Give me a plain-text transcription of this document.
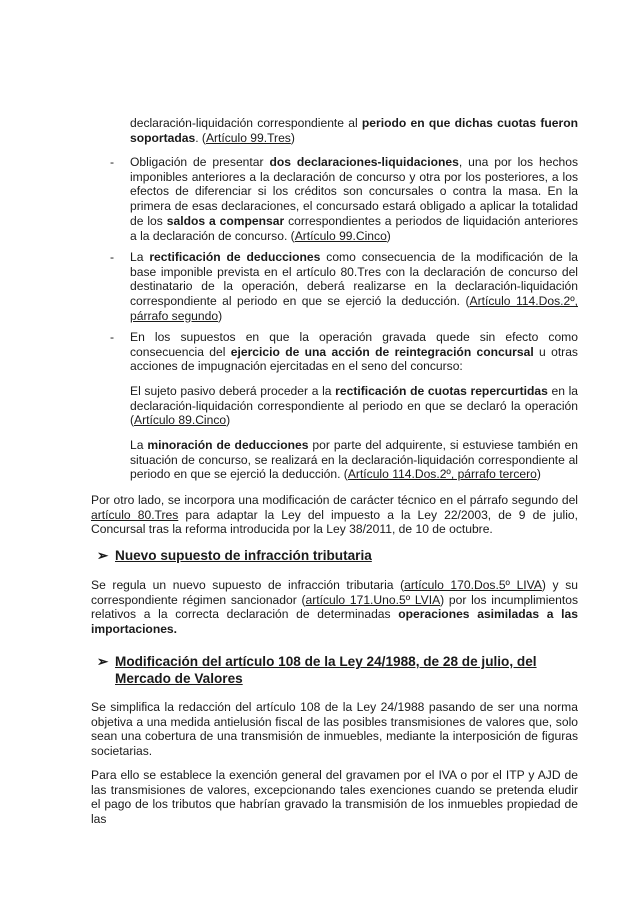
declaración-liquidación correspondiente al periodo en que dichas cuotas fueron soportadas. (Artículo 99.Tres)

-	Obligación de presentar dos declaraciones-liquidaciones, una por los hechos imponibles anteriores a la declaración de concurso y otra por los posteriores, a los efectos de diferenciar si los créditos son concursales o contra la masa. En la primera de esas declaraciones, el concursado estará obligado a aplicar la totalidad de los saldos a compensar correspondientes a periodos de liquidación anteriores a la declaración de concurso. (Artículo 99.Cinco)

-	La rectificación de deducciones como consecuencia de la modificación de la base imponible prevista en el artículo 80.Tres con la declaración de concurso del destinatario de la operación, deberá realizarse en la declaración-liquidación correspondiente al periodo en que se ejerció la deducción. (Artículo 114.Dos.2º, párrafo segundo)

-	En los supuestos en que la operación gravada quede sin efecto como consecuencia del ejercicio de una acción de reintegración concursal u otras acciones de impugnación ejercitadas en el seno del concurso:

El sujeto pasivo deberá proceder a la rectificación de cuotas repercurtidas en la declaración-liquidación correspondiente al periodo en que se declaró la operación (Artículo 89.Cinco)

La minoración de deducciones por parte del adquirente, si estuviese también en situación de concurso, se realizará en la declaración-liquidación correspondiente al periodo en que se ejerció la deducción. (Artículo 114.Dos.2º, párrafo tercero)

Por otro lado, se incorpora una modificación de carácter técnico en el párrafo segundo del artículo 80.Tres para adaptar la Ley del impuesto a la Ley 22/2003, de 9 de julio, Concursal tras la reforma introducida por la Ley 38/2011, de 10 de octubre.

➢ Nuevo supuesto de infracción tributaria

Se regula un nuevo supuesto de infracción tributaria (artículo 170.Dos.5º LIVA) y su correspondiente régimen sancionador (artículo 171.Uno.5º LVIA) por los incumplimientos relativos a la correcta declaración de determinadas operaciones asimiladas a las importaciones.

➢ Modificación del artículo 108 de la Ley 24/1988, de 28 de julio, del Mercado de Valores

Se simplifica la redacción del artículo 108 de la Ley 24/1988 pasando de ser una norma objetiva a una medida antielusión fiscal de las posibles transmisiones de valores que, solo sean una cobertura de una transmisión de inmuebles, mediante la interposición de figuras societarias.

Para ello se establece la exención general del gravamen por el IVA o por el ITP y AJD de las transmisiones de valores, excepcionando tales exenciones cuando se pretenda eludir el pago de los tributos que habrían gravado la transmisión de los inmuebles propiedad de las
